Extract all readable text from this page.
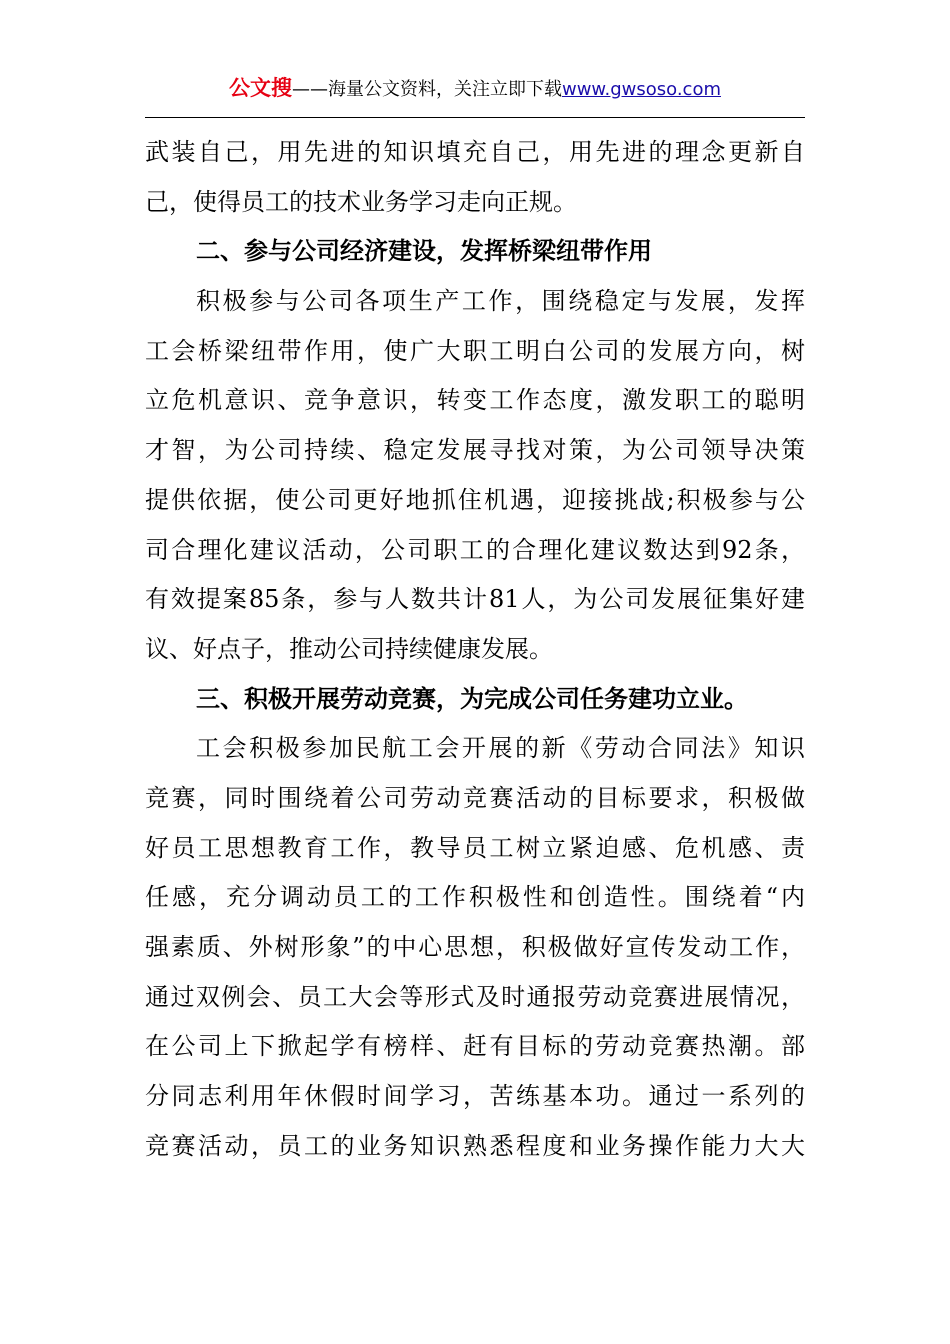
公文搜——海量公文资料，关注立即下载www.gwsoso.com
武装自己，用先进的知识填充自己，用先进的理念更新自
己，使得员工的技术业务学习走向正规。
二、参与公司经济建设，发挥桥梁纽带作用
积极参与公司各项生产工作，围绕稳定与发展，发挥
工会桥梁纽带作用，使广大职工明白公司的发展方向，树
立危机意识、竞争意识，转变工作态度，激发职工的聪明
才智，为公司持续、稳定发展寻找对策，为公司领导决策
提供依据，使公司更好地抓住机遇，迎接挑战;积极参与公
司合理化建议活动，公司职工的合理化建议数达到92条，
有效提案85条，参与人数共计81人，为公司发展征集好建
议、好点子，推动公司持续健康发展。
三、积极开展劳动竞赛，为完成公司任务建功立业。
工会积极参加民航工会开展的新《劳动合同法》知识
竞赛，同时围绕着公司劳动竞赛活动的目标要求，积极做
好员工思想教育工作，教导员工树立紧迫感、危机感、责
任感，充分调动员工的工作积极性和创造性。围绕着“内
强素质、外树形象”的中心思想，积极做好宣传发动工作，
通过双例会、员工大会等形式及时通报劳动竞赛进展情况，
在公司上下掀起学有榜样、赶有目标的劳动竞赛热潮。部
分同志利用年休假时间学习，苦练基本功。通过一系列的
竞赛活动，员工的业务知识熟悉程度和业务操作能力大大
